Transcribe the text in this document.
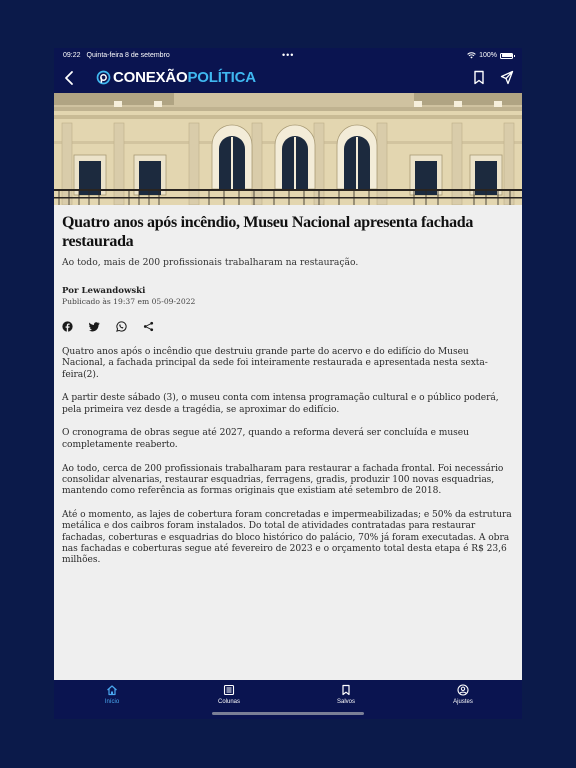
09:22 Quinta-feira 8 de setembro	•••	100%
CONEXÃO POLÍTICA
Quatro anos após incêndio, Museu Nacional apresenta fachada restaurada

Ao todo, mais de 200 profissionais trabalharam na restauração.

Por Lewandowski
Publicado às 19:37 em 05-09-2022

Quatro anos após o incêndio que destruiu grande parte do acervo e do edifício do Museu Nacional, a fachada principal da sede foi inteiramente restaurada e apresentada nesta sexta-feira(2).

A partir deste sábado (3), o museu conta com intensa programação cultural e o público poderá, pela primeira vez desde a tragédia, se aproximar do edifício.

O cronograma de obras segue até 2027, quando a reforma deverá ser concluída e museu completamente reaberto.

Ao todo, cerca de 200 profissionais trabalharam para restaurar a fachada frontal. Foi necessário consolidar alvenarias, restaurar esquadrias, ferragens, gradis, produzir 100 novas esquadrias, mantendo como referência as formas originais que existiam até setembro de 2018.

Até o momento, as lajes de cobertura foram concretadas e impermeabilizadas; e 50% da estrutura metálica e dos caibros foram instalados. Do total de atividades contratadas para restaurar fachadas, coberturas e esquadrias do bloco histórico do palácio, 70% já foram executadas. A obra nas fachadas e coberturas segue até fevereiro de 2023 e o orçamento total desta etapa é R$ 23,6 milhões.

Início	Colunas	Salvos	Ajustes
